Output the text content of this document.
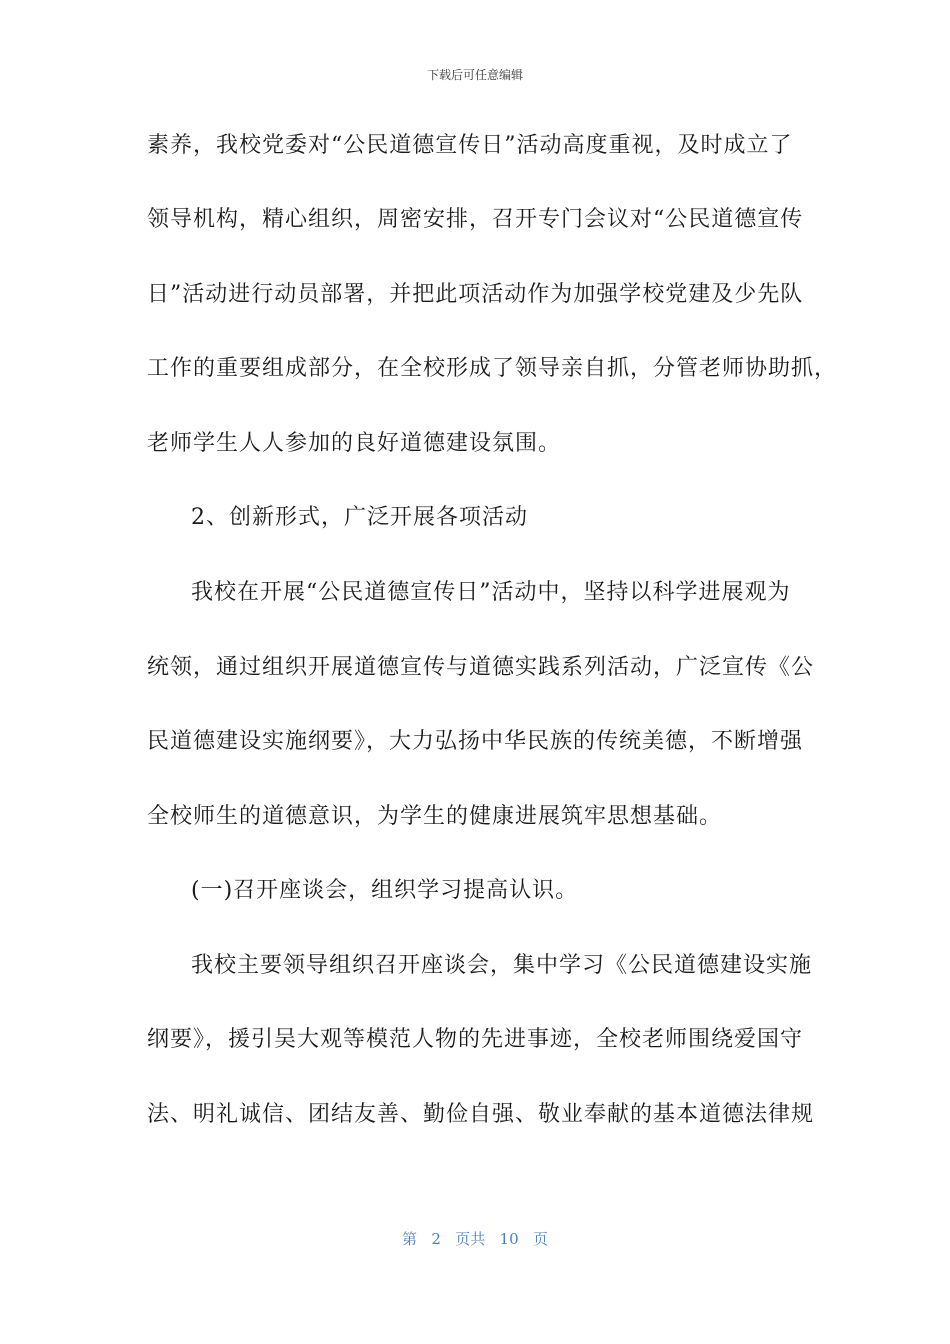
下载后可任意编辑
素养，我校党委对“公民道德宣传日”活动高度重视，及时成立了
领导机构，精心组织，周密安排，召开专门会议对“公民道德宣传
日”活动进行动员部署，并把此项活动作为加强学校党建及少先队
工作的重要组成部分，在全校形成了领导亲自抓，分管老师协助抓，
老师学生人人参加的良好道德建设氛围。
2、创新形式，广泛开展各项活动
我校在开展“公民道德宣传日”活动中，坚持以科学进展观为
统领，通过组织开展道德宣传与道德实践系列活动，广泛宣传《公
民道德建设实施纲要》，大力弘扬中华民族的传统美德，不断增强
全校师生的道德意识，为学生的健康进展筑牢思想基础。
(一)召开座谈会，组织学习提高认识。
我校主要领导组织召开座谈会，集中学习《公民道德建设实施
纲要》，援引吴大观等模范人物的先进事迹，全校老师围绕爱国守
法、明礼诚信、团结友善、勤俭自强、敬业奉献的基本道德法律规
第 2 页共 10 页
